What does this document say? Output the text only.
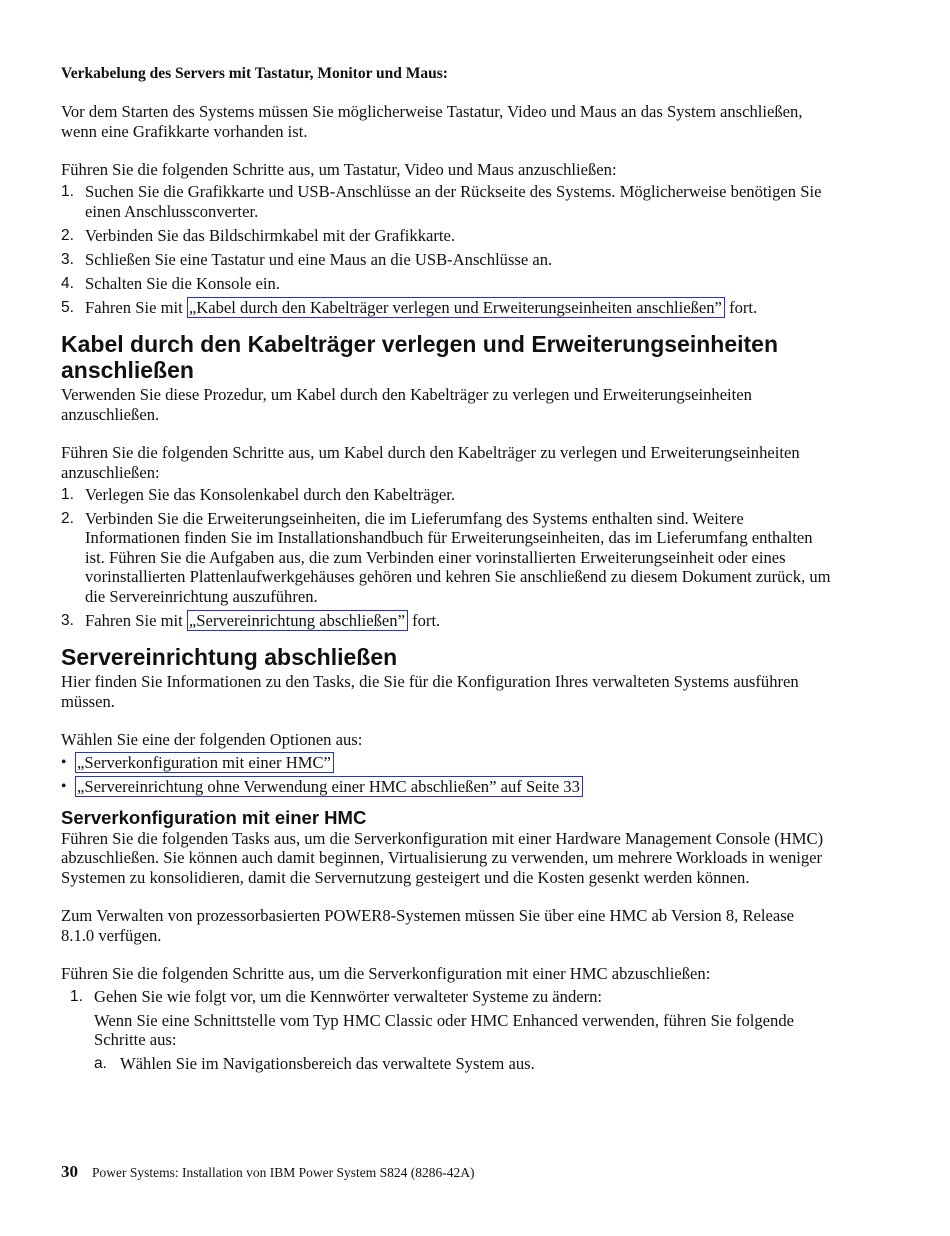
Verkabelung des Servers mit Tastatur, Monitor und Maus:

Vor dem Starten des Systems müssen Sie möglicherweise Tastatur, Video und Maus an das System anschließen, wenn eine Grafikkarte vorhanden ist.

Führen Sie die folgenden Schritte aus, um Tastatur, Video und Maus anzuschließen:

1. Suchen Sie die Grafikkarte und USB-Anschlüsse an der Rückseite des Systems. Möglicherweise benötigen Sie einen Anschlussconverter.
2. Verbinden Sie das Bildschirmkabel mit der Grafikkarte.
3. Schließen Sie eine Tastatur und eine Maus an die USB-Anschlüsse an.
4. Schalten Sie die Konsole ein.
5. Fahren Sie mit „Kabel durch den Kabelträger verlegen und Erweiterungseinheiten anschließen” fort.
Kabel durch den Kabelträger verlegen und Erweiterungseinheiten anschließen

Verwenden Sie diese Prozedur, um Kabel durch den Kabelträger zu verlegen und Erweiterungseinheiten anzuschließen.

Führen Sie die folgenden Schritte aus, um Kabel durch den Kabelträger zu verlegen und Erweiterungseinheiten anzuschließen:

1. Verlegen Sie das Konsolenkabel durch den Kabelträger.
2. Verbinden Sie die Erweiterungseinheiten, die im Lieferumfang des Systems enthalten sind. Weitere Informationen finden Sie im Installationshandbuch für Erweiterungseinheiten, das im Lieferumfang enthalten ist. Führen Sie die Aufgaben aus, die zum Verbinden einer vorinstallierten Erweiterungseinheit oder eines vorinstallierten Plattenlaufwerkgehäuses gehören und kehren Sie anschließend zu diesem Dokument zurück, um die Servereinrichtung auszuführen.
3. Fahren Sie mit „Servereinrichtung abschließen” fort.
Servereinrichtung abschließen

Hier finden Sie Informationen zu den Tasks, die Sie für die Konfiguration Ihres verwalteten Systems ausführen müssen.

Wählen Sie eine der folgenden Optionen aus:

• „Serverkonfiguration mit einer HMC”
• „Servereinrichtung ohne Verwendung einer HMC abschließen” auf Seite 33
Serverkonfiguration mit einer HMC

Führen Sie die folgenden Tasks aus, um die Serverkonfiguration mit einer Hardware Management Console (HMC) abzuschließen. Sie können auch damit beginnen, Virtualisierung zu verwenden, um mehrere Workloads in weniger Systemen zu konsolidieren, damit die Servernutzung gesteigert und die Kosten gesenkt werden können.

Zum Verwalten von prozessorbasierten POWER8-Systemen müssen Sie über eine HMC ab Version 8, Release 8.1.0 verfügen.

Führen Sie die folgenden Schritte aus, um die Serverkonfiguration mit einer HMC abzuschließen:

1. Gehen Sie wie folgt vor, um die Kennwörter verwalteter Systeme zu ändern:

Wenn Sie eine Schnittstelle vom Typ HMC Classic oder HMC Enhanced verwenden, führen Sie folgende Schritte aus:

a. Wählen Sie im Navigationsbereich das verwaltete System aus.
30 Power Systems: Installation von IBM Power System S824 (8286-42A)
